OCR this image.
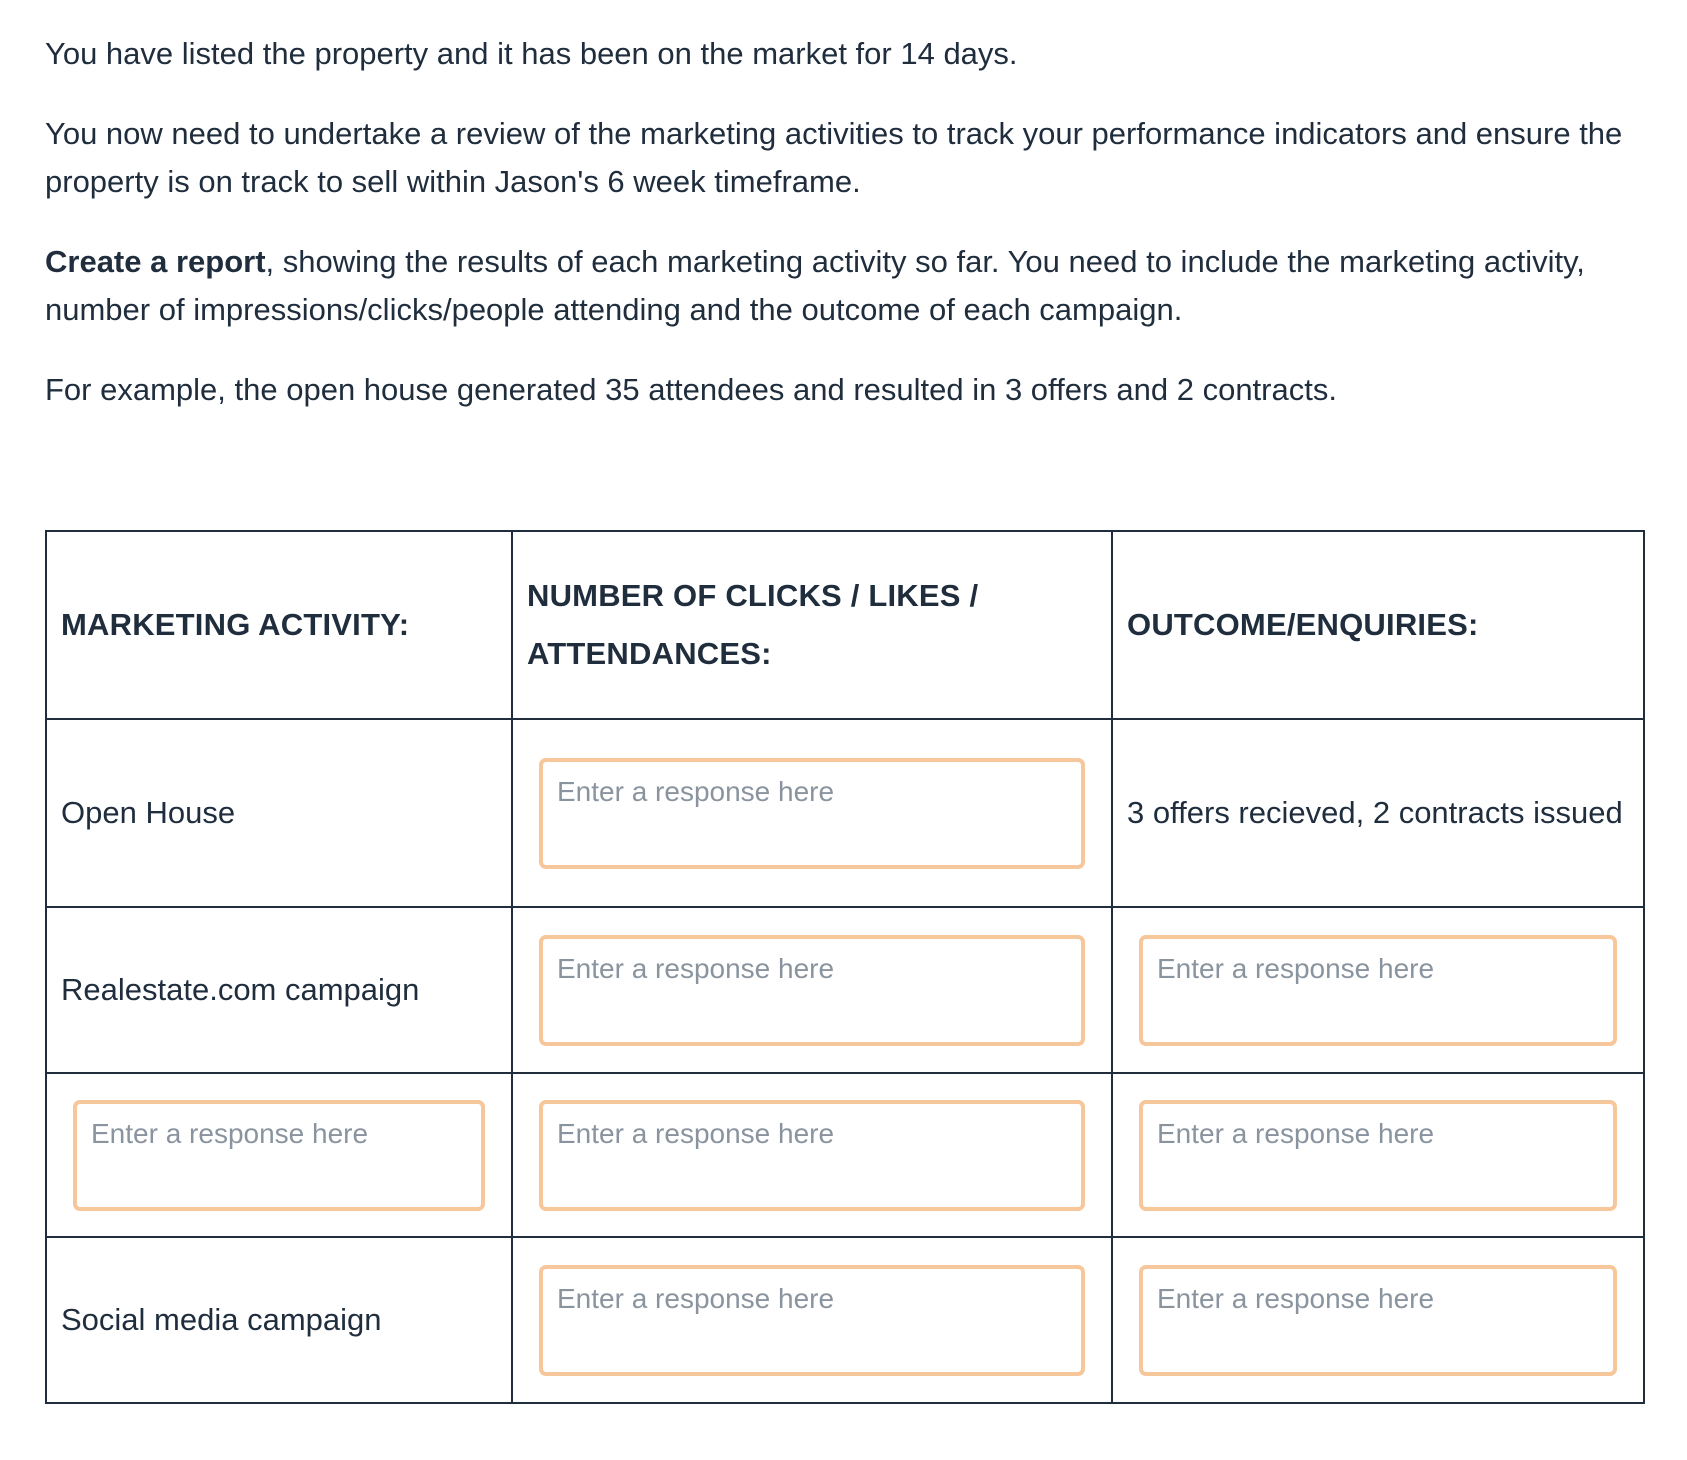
You have listed the property and it has been on the market for 14 days.

You now need to undertake a review of the marketing activities to track your performance indicators and ensure the property is on track to sell within Jason's 6 week timeframe.

Create a report, showing the results of each marketing activity so far. You need to include the marketing activity, number of impressions/clicks/people attending and the outcome of each campaign.

For example, the open house generated 35 attendees and resulted in 3 offers and 2 contracts.

MARKETING ACTIVITY:	NUMBER OF CLICKS / LIKES / ATTENDANCES:	OUTCOME/ENQUIRIES:
Open House	Enter a response here	3 offers recieved, 2 contracts issued

Realestate.com campaign	Enter a response here	Enter a response here

Enter a response here	Enter a response here	Enter a response here

Social media campaign	Enter a response here	Enter a response here
